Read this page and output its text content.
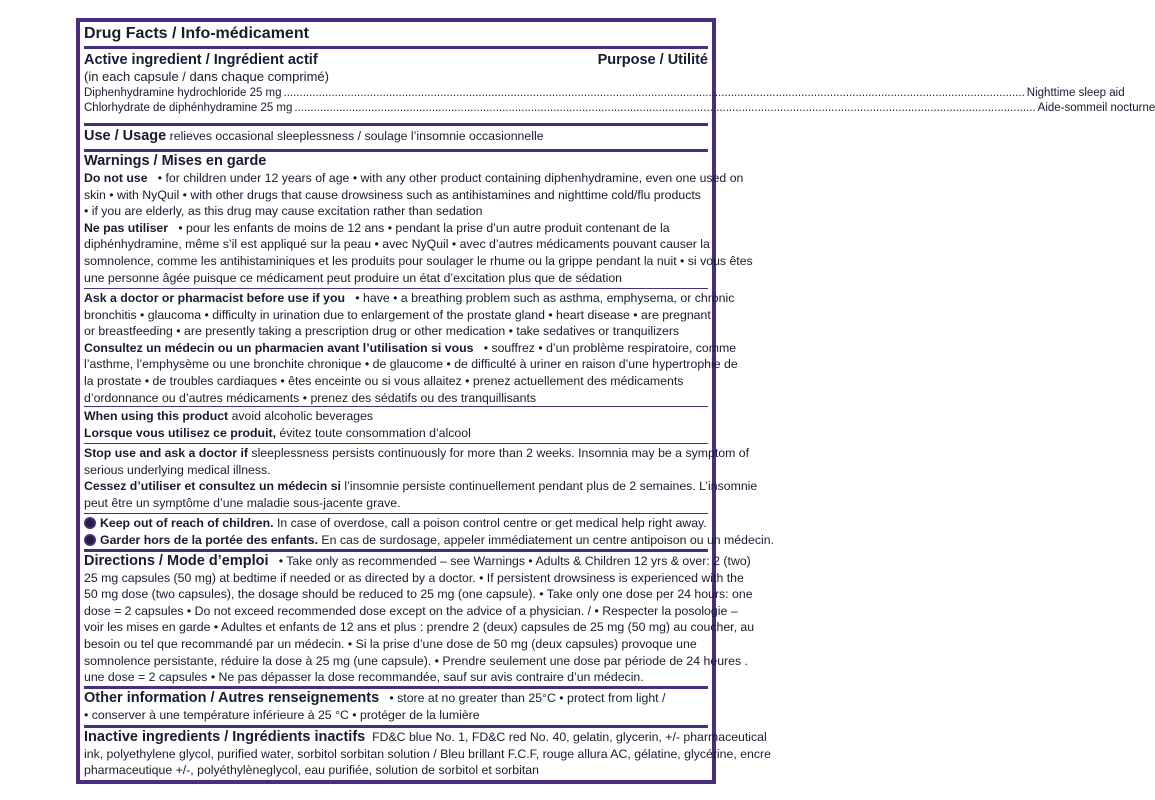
Drug Facts / Info-médicament
Active ingredient / Ingrédient actif	Purpose / Utilité
(in each capsule / dans chaque comprimé)
Diphenhydramine hydrochloride 25 mg .....	Nighttime sleep aid
Chlorhydrate de diphénhydramine 25 mg .....	Aide-sommeil nocturne
Use / Usage relieves occasional sleeplessness / soulage l’insomnie occasionnelle
Warnings / Mises en garde
Do not use • for children under 12 years of age • with any other product containing diphenhydramine, even one used on
skin • with NyQuil • with other drugs that cause drowsiness such as antihistamines and nighttime cold/flu products
• if you are elderly, as this drug may cause excitation rather than sedation
Ne pas utiliser • pour les enfants de moins de 12 ans • pendant la prise d’un autre produit contenant de la
diphénhydramine, même s’il est appliqué sur la peau • avec NyQuil • avec d’autres médicaments pouvant causer la
somnolence, comme les antihistaminiques et les produits pour soulager le rhume ou la grippe pendant la nuit • si vous êtes
une personne âgée puisque ce médicament peut produire un état d’excitation plus que de sédation
Ask a doctor or pharmacist before use if you • have • a breathing problem such as asthma, emphysema, or chronic
bronchitis • glaucoma • difficulty in urination due to enlargement of the prostate gland • heart disease • are pregnant
or breastfeeding • are presently taking a prescription drug or other medication • take sedatives or tranquilizers
Consultez un médecin ou un pharmacien avant l’utilisation si vous • souffrez • d’un problème respiratoire, comme
l’asthme, l’emphysème ou une bronchite chronique • de glaucome • de difficulté à uriner en raison d’une hypertrophie de
la prostate • de troubles cardiaques • êtes enceinte ou si vous allaitez • prenez actuellement des médicaments
d’ordonnance ou d’autres médicaments • prenez des sédatifs ou des tranquillisants
When using this product avoid alcoholic beverages
Lorsque vous utilisez ce produit, évitez toute consommation d’alcool
Stop use and ask a doctor if sleeplessness persists continuously for more than 2 weeks. Insomnia may be a symptom of
serious underlying medical illness.
Cessez d’utiliser et consultez un médecin si l’insomnie persiste continuellement pendant plus de 2 semaines. L’insomnie
peut être un symptôme d’une maladie sous-jacente grave.
Keep out of reach of children.
In case of overdose, call a poison control centre or get medical help right away.
Garder hors de la portée des enfants.
En cas de surdosage, appeler immédiatement un centre antipoison ou un médecin.
Directions / Mode d’emploi • Take only as recommended – see Warnings • Adults & Children 12 yrs & over: 2 (two)
25 mg capsules (50 mg) at bedtime if needed or as directed by a doctor. • If persistent drowsiness is experienced with the
50 mg dose (two capsules), the dosage should be reduced to 25 mg (one capsule). • Take only one dose per 24 hours: one
dose = 2 capsules • Do not exceed recommended dose except on the advice of a physician. / • Respecter la posologie –
voir les mises en garde • Adultes et enfants de 12 ans et plus : prendre 2 (deux) capsules de 25 mg (50 mg) au coucher, au
besoin ou tel que recommandé par un médecin. • Si la prise d’une dose de 50 mg (deux capsules) provoque une
somnolence persistante, réduire la dose à 25 mg (une capsule). • Prendre seulement une dose par période de 24 heures .
une dose = 2 capsules • Ne pas dépasser la dose recommandée, sauf sur avis contraire d’un médecin.
Other information / Autres renseignements • store at no greater than 25°C • protect from light /
• conserver à une température inférieure à 25 °C • protéger de la lumière
Inactive ingredients / Ingrédients inactifs FD&C blue No. 1, FD&C red No. 40, gelatin, glycerin, +/- pharmaceutical
ink, polyethylene glycol, purified water, sorbitol sorbitan solution / Bleu brillant F.C.F, rouge allura AC, gélatine, glycérine, encre
pharmaceutique +/-, polyéthylèneglycol, eau purifiée, solution de sorbitol et sorbitan
